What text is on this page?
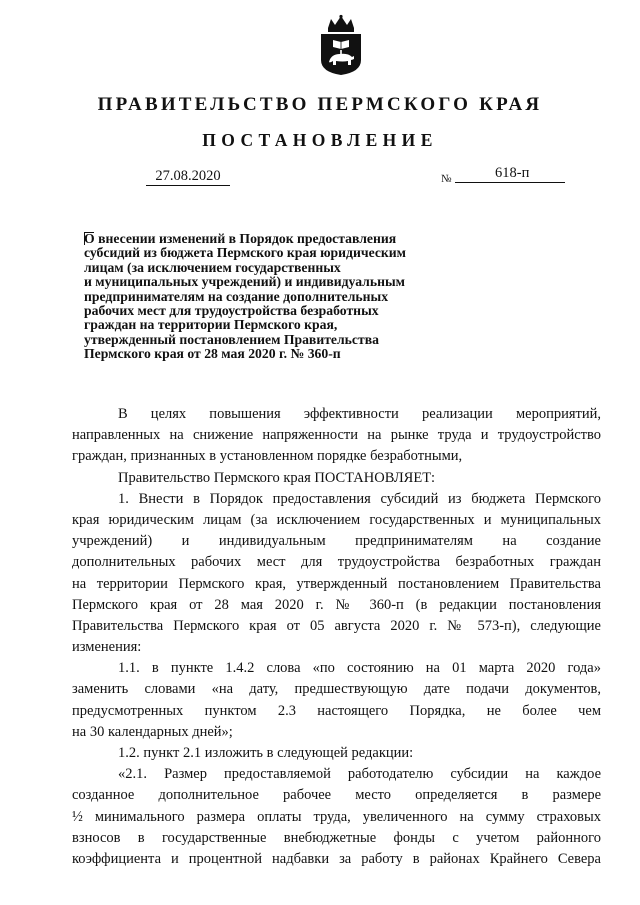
ПРАВИТЕЛЬСТВО ПЕРМСКОГО КРАЯ
ПОСТАНОВЛЕНИЕ
27.08.2020	№	618-п
О внесении изменений в Порядок предоставления
субсидий из бюджета Пермского края юридическим
лицам (за исключением государственных
и муниципальных учреждений) и индивидуальным
предпринимателям на создание дополнительных
рабочих мест для трудоустройства безработных
граждан на территории Пермского края,
утвержденный постановлением Правительства
Пермского края от 28 мая 2020 г. № 360-п
В целях повышения эффективности реализации мероприятий,
направленных на снижение напряженности на рынке труда и трудоустройство
граждан, признанных в установленном порядке безработными,
Правительство Пермского края ПОСТАНОВЛЯЕТ:
1. Внести в Порядок предоставления субсидий из бюджета Пермского
края юридическим лицам (за исключением государственных и муниципальных
учреждений) и индивидуальным предпринимателям на создание
дополнительных рабочих мест для трудоустройства безработных граждан
на территории Пермского края, утвержденный постановлением Правительства
Пермского края от 28 мая 2020 г. № 360-п (в редакции постановления
Правительства Пермского края от 05 августа 2020 г. № 573-п), следующие
изменения:
1.1. в пункте 1.4.2 слова «по состоянию на 01 марта 2020 года»
заменить словами «на дату, предшествующую дате подачи документов,
предусмотренных пунктом 2.3 настоящего Порядка, не более чем
на 30 календарных дней»;
1.2. пункт 2.1 изложить в следующей редакции:
«2.1. Размер предоставляемой работодателю субсидии на каждое
созданное дополнительное рабочее место определяется в размере
½ минимального размера оплаты труда, увеличенного на сумму страховых
взносов в государственные внебюджетные фонды с учетом районного
коэффициента и процентной надбавки за работу в районах Крайнего Севера
